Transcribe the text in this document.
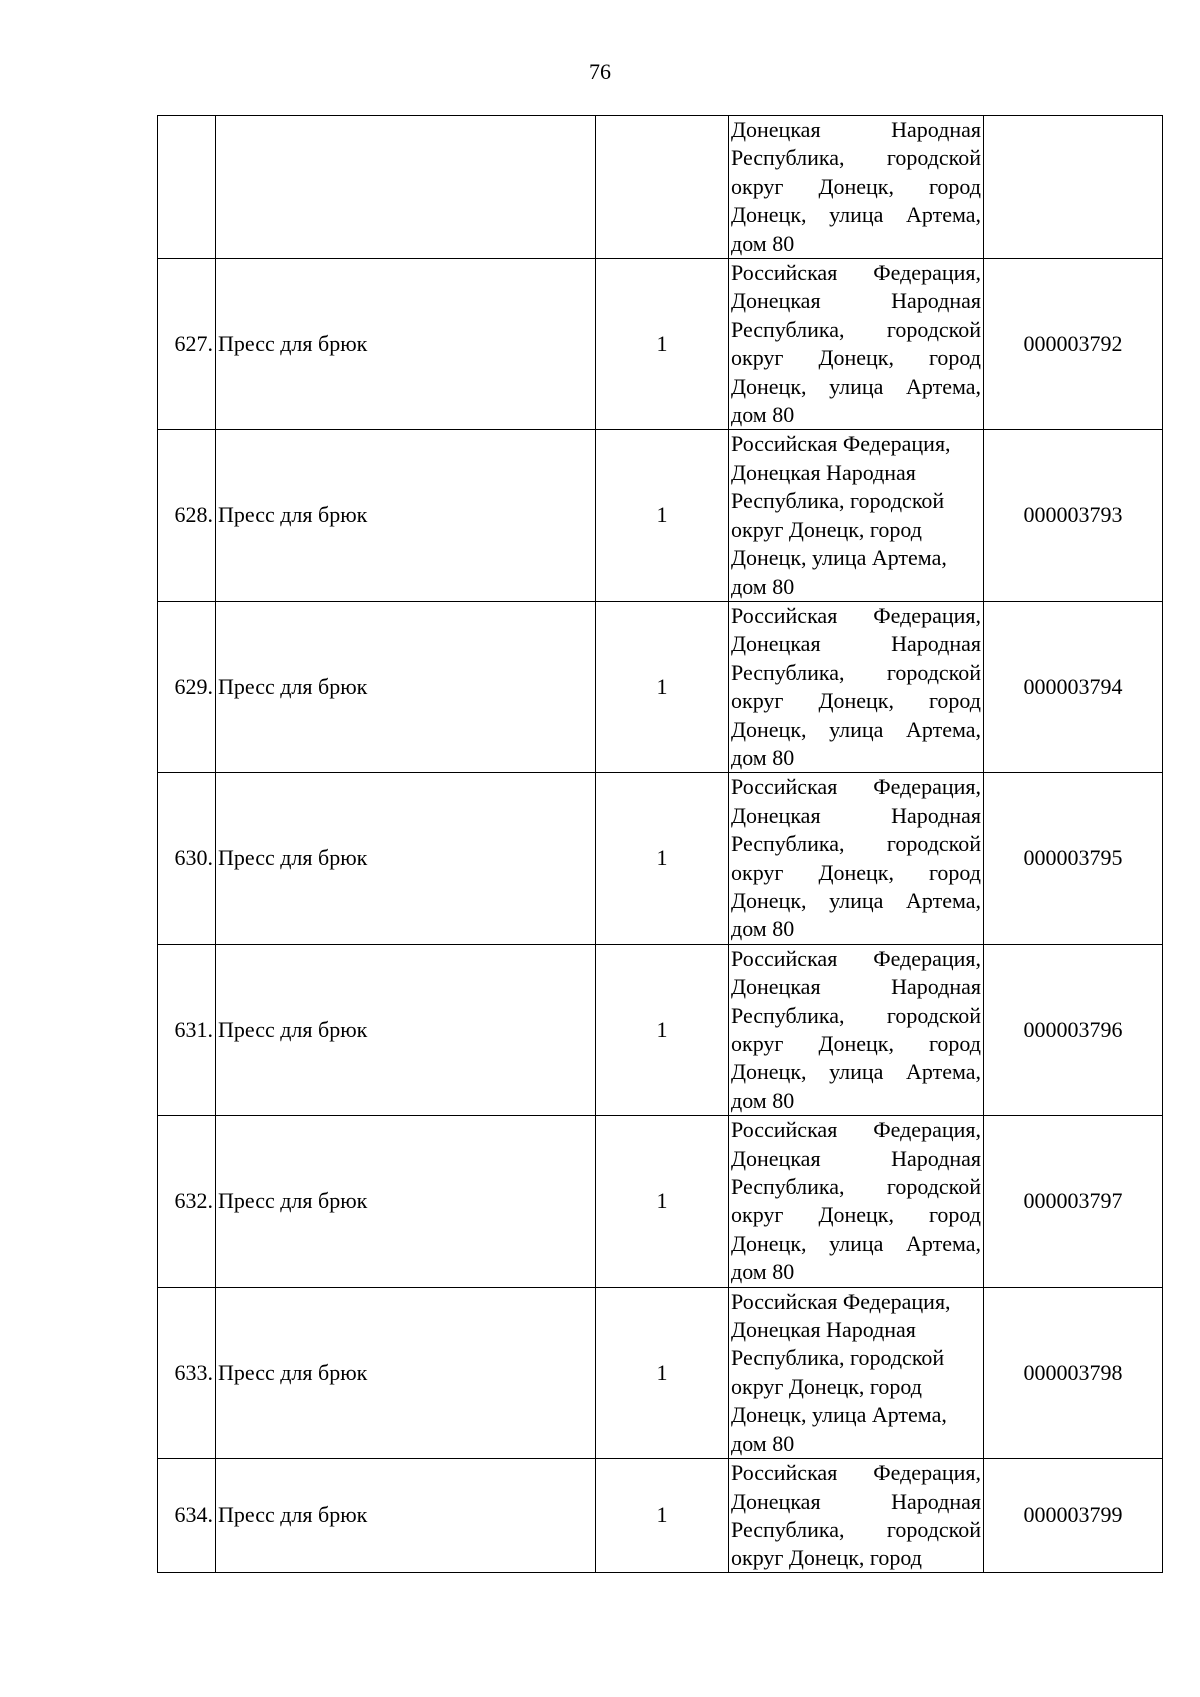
76

			Донецкая Народная Республика, городской округ Донецк, город Донецк, улица Артема, дом 80	

627.	Пресс для брюк	1	Российская Федерация, Донецкая Народная Республика, городской округ Донецк, город Донецк, улица Артема, дом 80	000003792
628.	Пресс для брюк	1	Российская Федерация, Донецкая Народная Республика, городской округ Донецк, город Донецк, улица Артема, дом 80	000003793
629.	Пресс для брюк	1	Российская Федерация, Донецкая Народная Республика, городской округ Донецк, город Донецк, улица Артема, дом 80	000003794
630.	Пресс для брюк	1	Российская Федерация, Донецкая Народная Республика, городской округ Донецк, город Донецк, улица Артема, дом 80	000003795
631.	Пресс для брюк	1	Российская Федерация, Донецкая Народная Республика, городской округ Донецк, город Донецк, улица Артема, дом 80	000003796
632.	Пресс для брюк	1	Российская Федерация, Донецкая Народная Республика, городской округ Донецк, город Донецк, улица Артема, дом 80	000003797
633.	Пресс для брюк	1	Российская Федерация, Донецкая Народная Республика, городской округ Донецк, город Донецк, улица Артема, дом 80	000003798
634.	Пресс для брюк	1	Российская Федерация, Донецкая Народная Республика, городской округ Донецк, город	000003799
